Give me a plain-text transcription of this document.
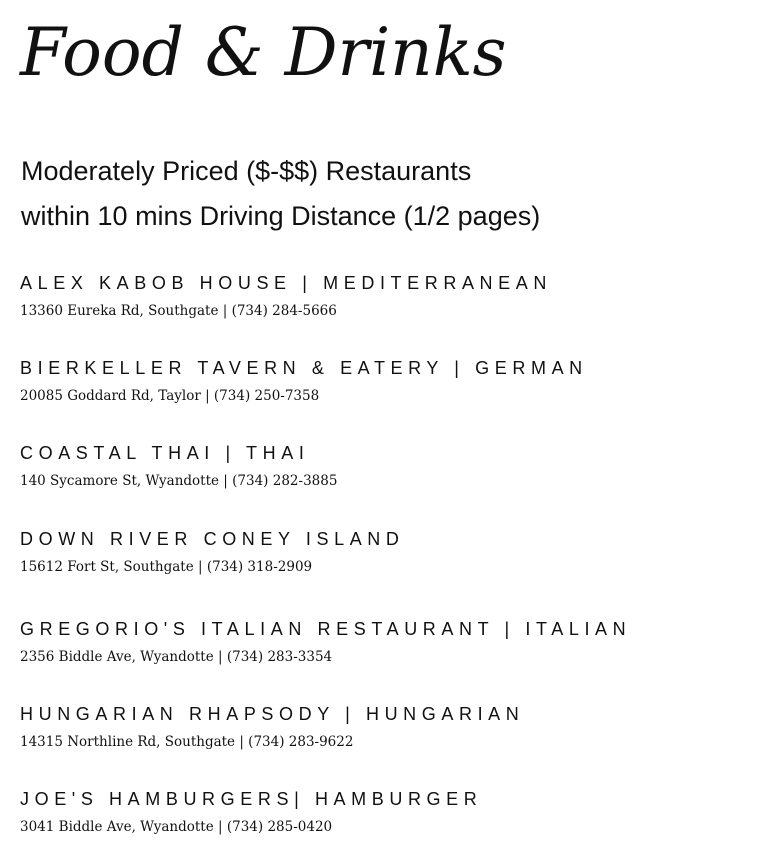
Food & Drinks
Moderately Priced ($-$$) Restaurants
within 10 mins Driving Distance (1/2 pages)

ALEX KABOB HOUSE | MEDITERRANEAN

13360 Eureka Rd, Southgate | (734) 284-5666

BIERKELLER TAVERN & EATERY | GERMAN

20085 Goddard Rd, Taylor | (734) 250-7358

COASTAL THAI | THAI

140 Sycamore St, Wyandotte | (734) 282-3885

DOWN RIVER CONEY ISLAND

15612 Fort St, Southgate | (734) 318-2909

GREGORIO'S ITALIAN RESTAURANT | ITALIAN

2356 Biddle Ave, Wyandotte | (734) 283-3354

HUNGARIAN RHAPSODY | HUNGARIAN

14315 Northline Rd, Southgate | (734) 283-9622

JOE'S HAMBURGERS| HAMBURGER

3041 Biddle Ave, Wyandotte | (734) 285-0420
